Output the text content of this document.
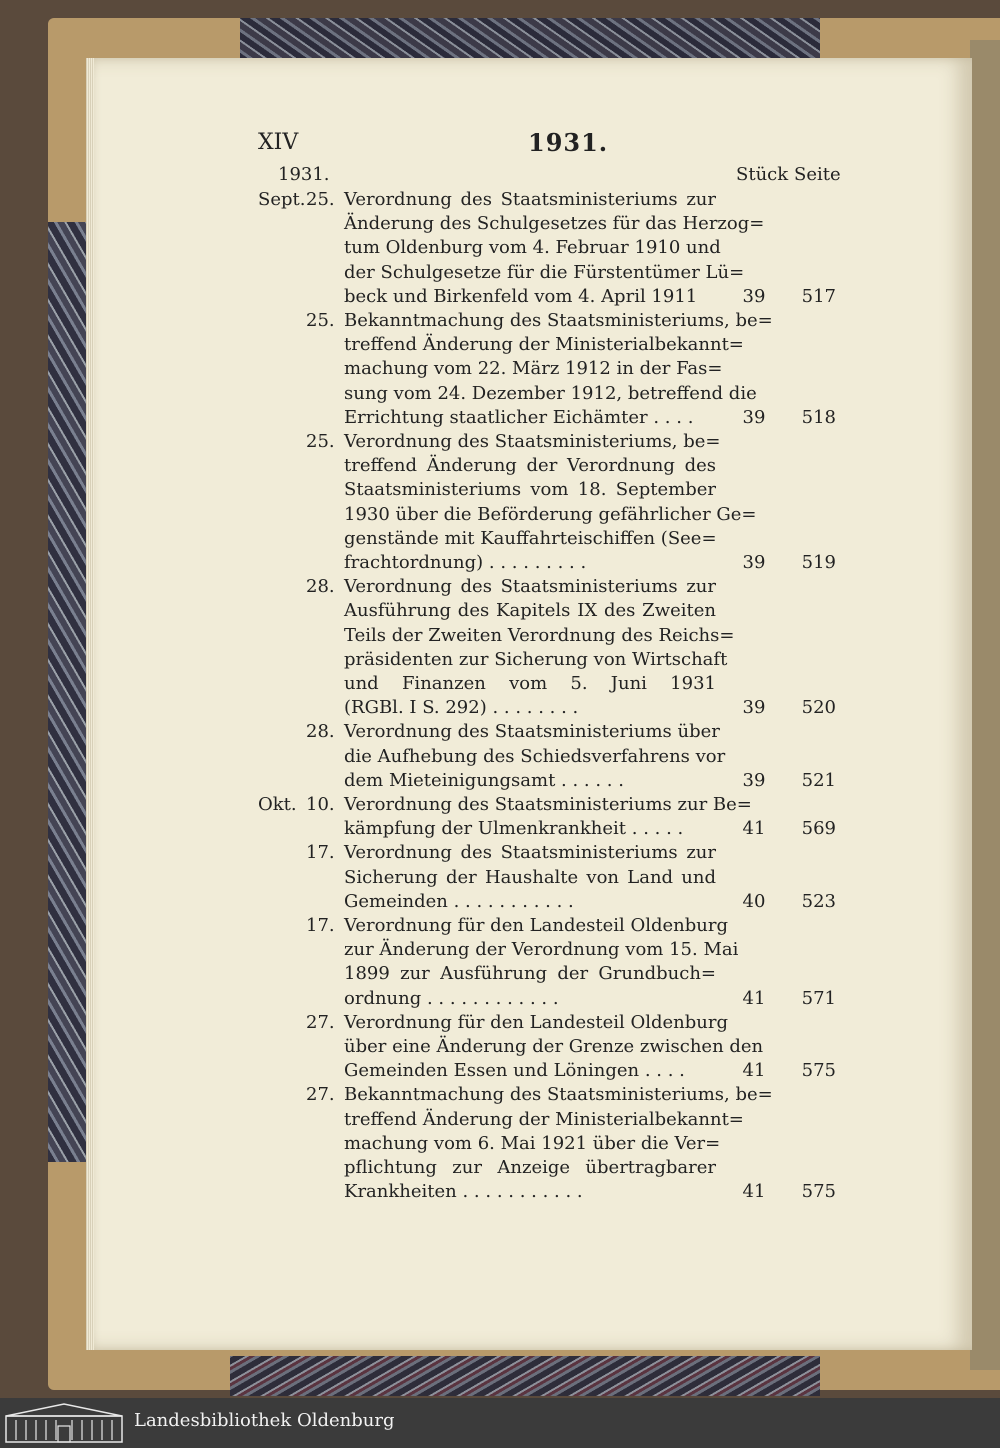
XIV	1931.
1931.	Stück Seite
Sept. 25. Verordnung des Staatsministeriums zur
Änderung des Schulgesetzes für das Herzog=
tum Oldenburg vom 4. Februar 1910 und
der Schulgesetze für die Fürstentümer Lü=
beck und Birkenfeld vom 4. April 1911	39	517
25. Bekanntmachung des Staatsministeriums, be=
treffend Änderung der Ministerialbekannt=
machung vom 22. März 1912 in der Fas=
sung vom 24. Dezember 1912, betreffend die
Errichtung staatlicher Eichämter . . . .	39	518
25. Verordnung des Staatsministeriums, be=
treffend Änderung der Verordnung des
Staatsministeriums vom 18. September
1930 über die Beförderung gefährlicher Ge=
genstände mit Kauffahrteischiffen (See=
frachtordnung) . . . . . . . . .	39	519
28. Verordnung des Staatsministeriums zur
Ausführung des Kapitels IX des Zweiten
Teils der Zweiten Verordnung des Reichs=
präsidenten zur Sicherung von Wirtschaft
und Finanzen vom 5. Juni 1931
(RGBl. I S. 292) . . . . . . . .	39	520
28. Verordnung des Staatsministeriums über
die Aufhebung des Schiedsverfahrens vor
dem Mieteinigungsamt . . . . . .	39	521
Okt. 10. Verordnung des Staatsministeriums zur Be=
kämpfung der Ulmenkrankheit . . . . .	41	569
17. Verordnung des Staatsministeriums zur
Sicherung der Haushalte von Land und
Gemeinden . . . . . . . . . . .	40	523
17. Verordnung für den Landesteil Oldenburg
zur Änderung der Verordnung vom 15. Mai
1899 zur Ausführung der Grundbuch=
ordnung . . . . . . . . . . . .	41	571
27. Verordnung für den Landesteil Oldenburg
über eine Änderung der Grenze zwischen den
Gemeinden Essen und Löningen . . . .	41	575
27. Bekanntmachung des Staatsministeriums, be=
treffend Änderung der Ministerialbekannt=
machung vom 6. Mai 1921 über die Ver=
pflichtung zur Anzeige übertragbarer
Krankheiten . . . . . . . . . . .	41	575
Landesbibliothek Oldenburg
